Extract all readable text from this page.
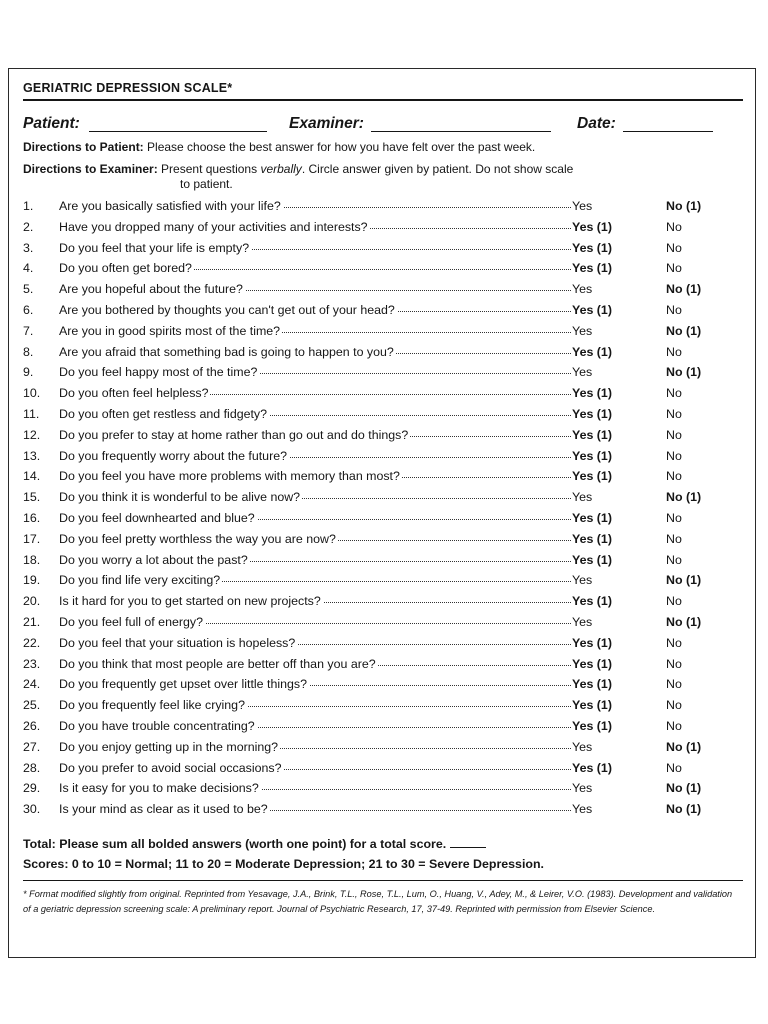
GERIATRIC DEPRESSION SCALE*
Patient:	Examiner:	Date:
Directions to Patient: Please choose the best answer for how you have felt over the past week.
Directions to Examiner: Present questions verbally. Circle answer given by patient. Do not show scale
to patient.
1. Are you basically satisfied with your life?	Yes	No (1)
2. Have you dropped many of your activities and interests?	Yes (1)	No
3. Do you feel that your life is empty?	Yes (1)	No
4. Do you often get bored?	Yes (1)	No
5. Are you hopeful about the future?	Yes	No (1)
6. Are you bothered by thoughts you can't get out of your head?	Yes (1)	No
7. Are you in good spirits most of the time?	Yes	No (1)
8. Are you afraid that something bad is going to happen to you?	Yes (1)	No
9. Do you feel happy most of the time?	Yes	No (1)
10. Do you often feel helpless?	Yes (1)	No
11. Do you often get restless and fidgety?	Yes (1)	No
12. Do you prefer to stay at home rather than go out and do things?	Yes (1)	No
13. Do you frequently worry about the future?	Yes (1)	No
14. Do you feel you have more problems with memory than most?	Yes (1)	No
15. Do you think it is wonderful to be alive now?	Yes	No (1)
16. Do you feel downhearted and blue?	Yes (1)	No
17. Do you feel pretty worthless the way you are now?	Yes (1)	No
18. Do you worry a lot about the past?	Yes (1)	No
19. Do you find life very exciting?	Yes	No (1)
20. Is it hard for you to get started on new projects?	Yes (1)	No
21. Do you feel full of energy?	Yes	No (1)
22. Do you feel that your situation is hopeless?	Yes (1)	No
23. Do you think that most people are better off than you are?	Yes (1)	No
24. Do you frequently get upset over little things?	Yes (1)	No
25. Do you frequently feel like crying?	Yes (1)	No
26. Do you have trouble concentrating?	Yes (1)	No
27. Do you enjoy getting up in the morning?	Yes	No (1)
28. Do you prefer to avoid social occasions?	Yes (1)	No
29. Is it easy for you to make decisions?	Yes	No (1)
30. Is your mind as clear as it used to be?	Yes	No (1)
Total: Please sum all bolded answers (worth one point) for a total score.
Scores: 0 to 10 = Normal; 11 to 20 = Moderate Depression; 21 to 30 = Severe Depression.
* Format modified slightly from original. Reprinted from Yesavage, J.A., Brink, T.L., Rose, T.L., Lum, O., Huang, V., Adey, M., & Leirer, V.O. (1983). Development and validation of a geriatric depression screening scale: A preliminary report. Journal of Psychiatric Research, 17, 37-49. Reprinted with permission from Elsevier Science.
